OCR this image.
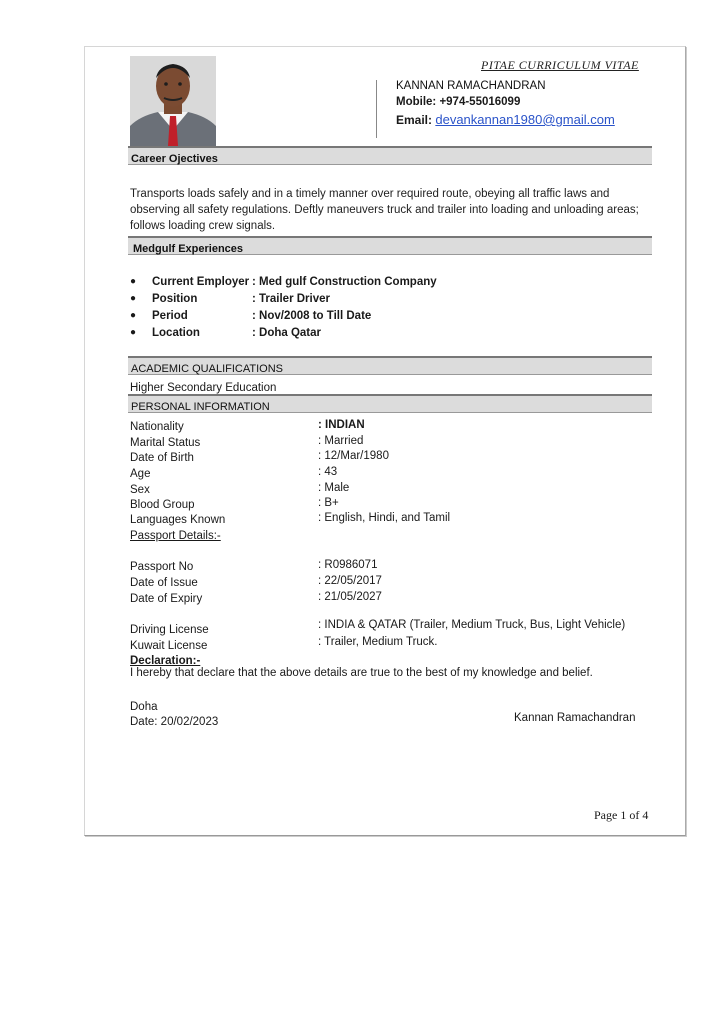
PITAE CURRICULUM VITAE
KANNAN RAMACHANDRAN
Mobile: +974-55016099
Email: devankannan1980@gmail.com
Career Ojectives
Transports loads safely and in a timely manner over required route, obeying all traffic laws and observing all safety regulations. Deftly maneuvers truck and trailer into loading and unloading areas; follows loading crew signals.
Medgulf Experiences
● Current Employer : Med gulf Construction Company
● Position	: Trailer Driver
● Period	: Nov/2008 to Till Date
● Location	: Doha Qatar
ACADEMIC QUALIFICATIONS
Higher Secondary Education
PERSONAL INFORMATION
Nationality	: INDIAN
Marital Status	: Married
Date of Birth	: 12/Mar/1980
Age	: 43
Sex	: Male
Blood Group	: B+
Languages Known	: English, Hindi, and Tamil
Passport Details:-
Passport No	: R0986071
Date of Issue	: 22/05/2017
Date of Expiry	: 21/05/2027
Driving License	: INDIA & QATAR (Trailer, Medium Truck, Bus, Light Vehicle)
Kuwait License	: Trailer, Medium Truck.
Declaration:-
I hereby that declare that the above details are true to the best of my knowledge and belief.
Doha
Date: 20/02/2023	Kannan Ramachandran
Page 1 of 4
